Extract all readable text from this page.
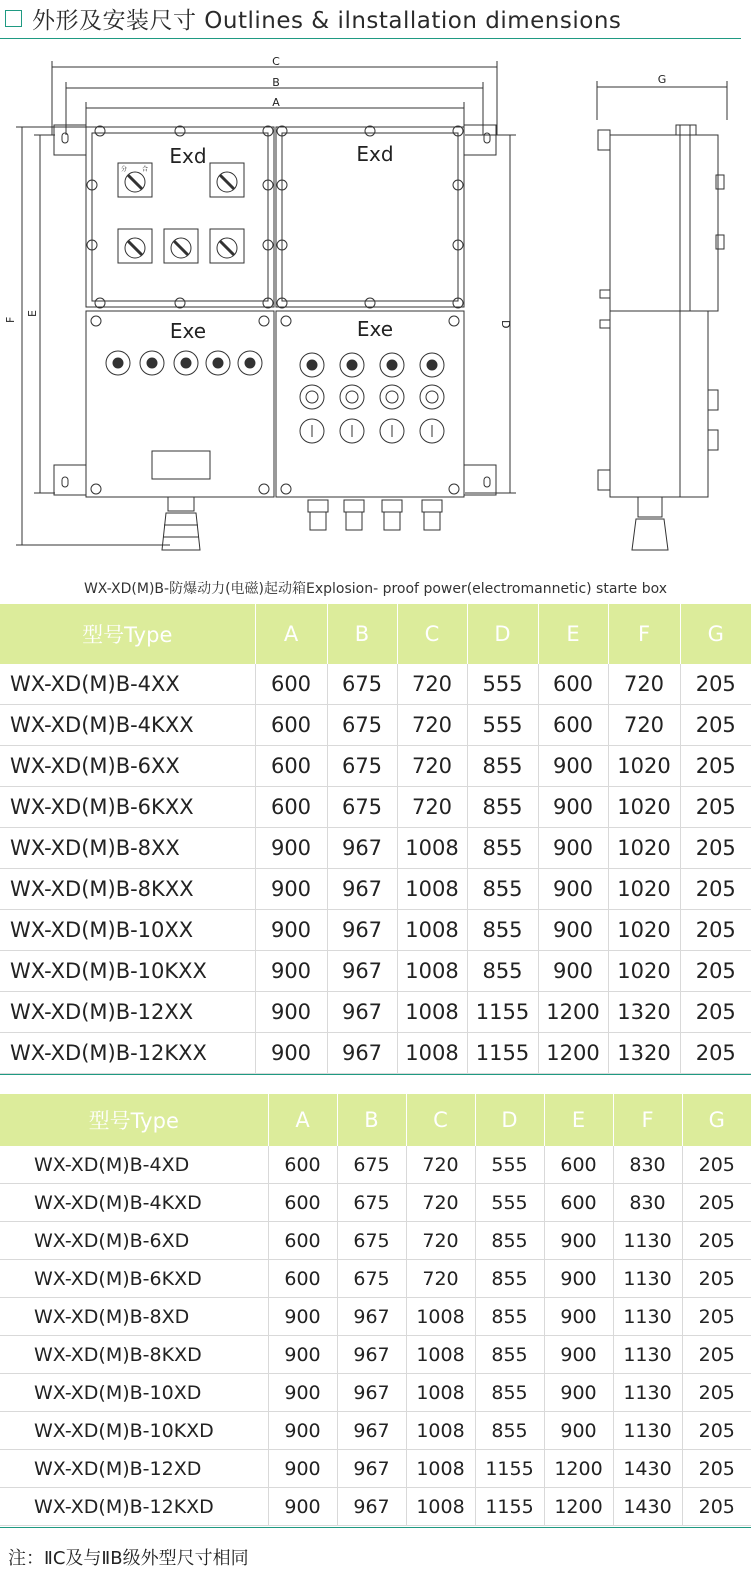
外形及安装尺寸 Outlines & ilnstallation dimensions
Exd	Exd
Exe	Exe
C
B
A
F
E
D
G
分 合
WX-XD(M)B-防爆动力(电磁)起动箱Explosion- proof power(electromannetic) starte box
型号Type	A	B	C	D	E	F	G
WX-XD(M)B-4XX	600	675	720	555	600	720	205
WX-XD(M)B-4KXX	600	675	720	555	600	720	205
WX-XD(M)B-6XX	600	675	720	855	900	1020	205
WX-XD(M)B-6KXX	600	675	720	855	900	1020	205
WX-XD(M)B-8XX	900	967	1008	855	900	1020	205
WX-XD(M)B-8KXX	900	967	1008	855	900	1020	205
WX-XD(M)B-10XX	900	967	1008	855	900	1020	205
WX-XD(M)B-10KXX	900	967	1008	855	900	1020	205
WX-XD(M)B-12XX	900	967	1008	1155	1200	1320	205
WX-XD(M)B-12KXX	900	967	1008	1155	1200	1320	205
型号Type	A	B	C	D	E	F	G
WX-XD(M)B-4XD	600	675	720	555	600	830	205
WX-XD(M)B-4KXD	600	675	720	555	600	830	205
WX-XD(M)B-6XD	600	675	720	855	900	1130	205
WX-XD(M)B-6KXD	600	675	720	855	900	1130	205
WX-XD(M)B-8XD	900	967	1008	855	900	1130	205
WX-XD(M)B-8KXD	900	967	1008	855	900	1130	205
WX-XD(M)B-10XD	900	967	1008	855	900	1130	205
WX-XD(M)B-10KXD	900	967	1008	855	900	1130	205
WX-XD(M)B-12XD	900	967	1008	1155	1200	1430	205
WX-XD(M)B-12KXD	900	967	1008	1155	1200	1430	205
注：ⅡC及与ⅡB级外型尺寸相同
